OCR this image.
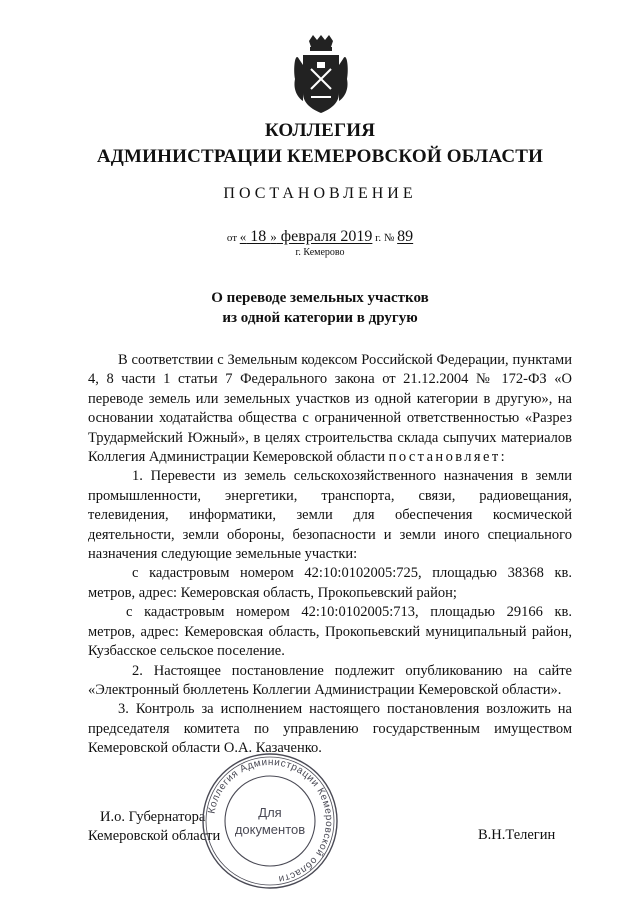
КОЛЛЕГИЯ
АДМИНИСТРАЦИИ КЕМЕРОВСКОЙ ОБЛАСТИ
ПОСТАНОВЛЕНИЕ
от « 18 » февраля 2019 г. № 89
г. Кемерово
О переводе земельных участков
из одной категории в другую

В соответствии с Земельным кодексом Российской Федерации, пунктами 4, 8 части 1 статьи 7 Федерального закона от 21.12.2004 № 172-ФЗ «О переводе земель или земельных участков из одной категории в другую», на основании ходатайства общества с ограниченной ответственностью «Разрез Трудармейский Южный», в целях строительства склада сыпучих материалов Коллегия Администрации Кемеровской области постановляет:

1. Перевести из земель сельскохозяйственного назначения в земли промышленности, энергетики, транспорта, связи, радиовещания, телевидения, информатики, земли для обеспечения космической деятельности, земли обороны, безопасности и земли иного специального назначения следующие земельные участки:

с кадастровым номером 42:10:0102005:725, площадью 38368 кв. метров, адрес: Кемеровская область, Прокопьевский район;

с кадастровым номером 42:10:0102005:713, площадью 29166 кв. метров, адрес: Кемеровская область, Прокопьевский муниципальный район, Кузбасское сельское поселение.

2. Настоящее постановление подлежит опубликованию на сайте «Электронный бюллетень Коллегии Администрации Кемеровской области».

3. Контроль за исполнением настоящего постановления возложить на председателя комитета по управлению государственным имуществом Кемеровской области О.А. Казаченко.

И.о. Губернатора
Кемеровской области	В.Н.Телегин
Коллегия Администрации Кемеровской области
Для
документов
